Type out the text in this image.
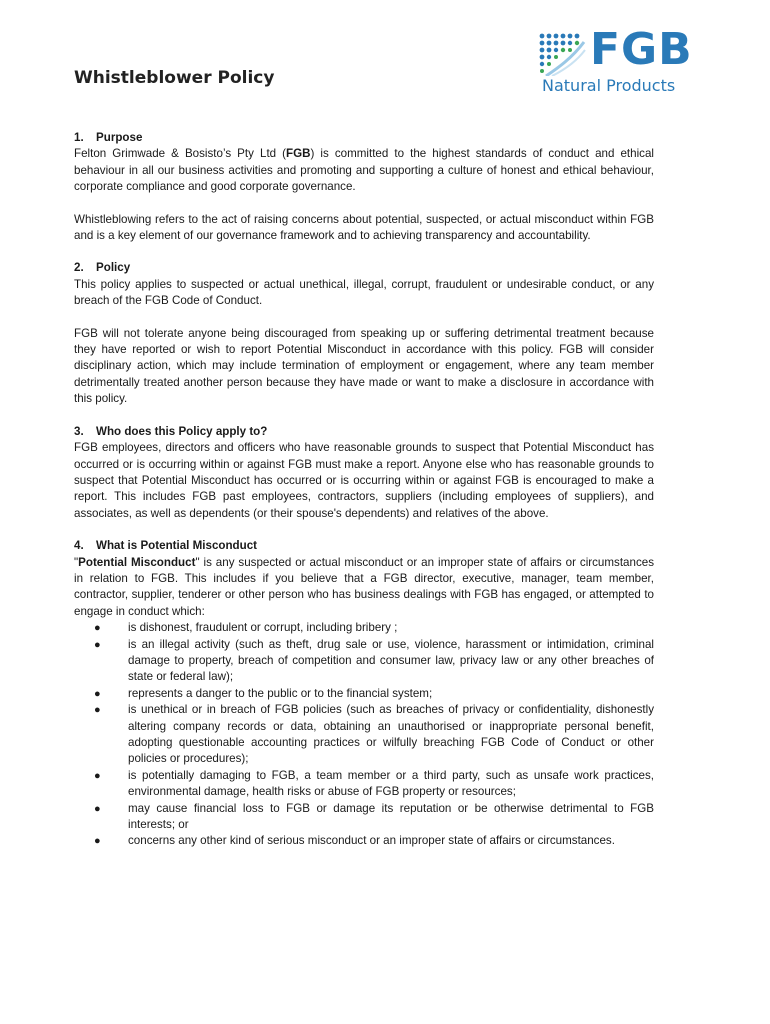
Whistleblower Policy
FGB
Natural Products
1. Purpose

Felton Grimwade & Bosisto’s Pty Ltd (FGB) is committed to the highest standards of conduct and ethical behaviour in all our business activities and promoting and supporting a culture of honest and ethical behaviour, corporate compliance and good corporate governance.

Whistleblowing refers to the act of raising concerns about potential, suspected, or actual misconduct within FGB and is a key element of our governance framework and to achieving transparency and accountability.

2. Policy

This policy applies to suspected or actual unethical, illegal, corrupt, fraudulent or undesirable conduct, or any breach of the FGB Code of Conduct.

FGB will not tolerate anyone being discouraged from speaking up or suffering detrimental treatment because they have reported or wish to report Potential Misconduct in accordance with this policy. FGB will consider disciplinary action, which may include termination of employment or engagement, where any team member detrimentally treated another person because they have made or want to make a disclosure in accordance with this policy.

3. Who does this Policy apply to?

FGB employees, directors and officers who have reasonable grounds to suspect that Potential Misconduct has occurred or is occurring within or against FGB must make a report. Anyone else who has reasonable grounds to suspect that Potential Misconduct has occurred or is occurring within or against FGB is encouraged to make a report. This includes FGB past employees, contractors, suppliers (including employees of suppliers), and associates, as well as dependents (or their spouse's dependents) and relatives of the above.

4. What is Potential Misconduct

"Potential Misconduct" is any suspected or actual misconduct or an improper state of affairs or circumstances in relation to FGB. This includes if you believe that a FGB director, executive, manager, team member, contractor, supplier, tenderer or other person who has business dealings with FGB has engaged, or attempted to engage in conduct which:

● is dishonest, fraudulent or corrupt, including bribery ;
● is an illegal activity (such as theft, drug sale or use, violence, harassment or intimidation, criminal damage to property, breach of competition and consumer law, privacy law or any other breaches of state or federal law);
● represents a danger to the public or to the financial system;
● is unethical or in breach of FGB policies (such as breaches of privacy or confidentiality, dishonestly altering company records or data, obtaining an unauthorised or inappropriate personal benefit, adopting questionable accounting practices or wilfully breaching FGB Code of Conduct or other policies or procedures);
● is potentially damaging to FGB, a team member or a third party, such as unsafe work practices, environmental damage, health risks or abuse of FGB property or resources;
● may cause financial loss to FGB or damage its reputation or be otherwise detrimental to FGB interests; or
● concerns any other kind of serious misconduct or an improper state of affairs or circumstances.
